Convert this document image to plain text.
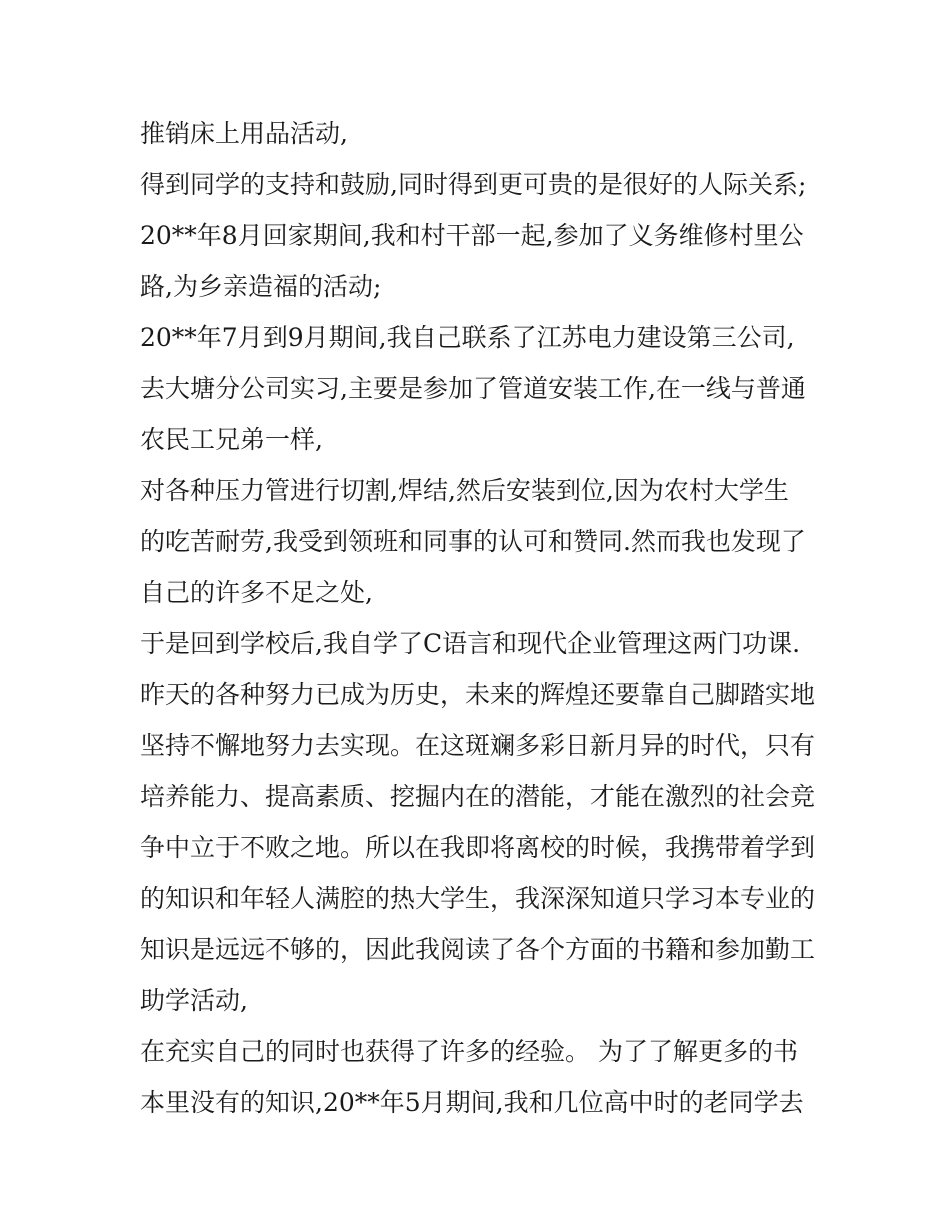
推销床上用品活动,
得到同学的支持和鼓励,同时得到更可贵的是很好的人际关系;
20**年8月回家期间,我和村干部一起,参加了义务维修村里公
路,为乡亲造福的活动;
20**年7月到9月期间,我自己联系了江苏电力建设第三公司,
去大塘分公司实习,主要是参加了管道安装工作,在一线与普通
农民工兄弟一样,
对各种压力管进行切割,焊结,然后安装到位,因为农村大学生
的吃苦耐劳,我受到领班和同事的认可和赞同.然而我也发现了
自己的许多不足之处,
于是回到学校后,我自学了C语言和现代企业管理这两门功课.
昨天的各种努力已成为历史，未来的辉煌还要靠自己脚踏实地
坚持不懈地努力去实现。在这斑斓多彩日新月异的时代，只有
培养能力、提高素质、挖掘内在的潜能，才能在激烈的社会竞
争中立于不败之地。所以在我即将离校的时候，我携带着学到
的知识和年轻人满腔的热大学生，我深深知道只学习本专业的
知识是远远不够的，因此我阅读了各个方面的书籍和参加勤工
助学活动,
在充实自己的同时也获得了许多的经验。 为了了解更多的书
本里没有的知识,20**年5月期间,我和几位高中时的老同学去
